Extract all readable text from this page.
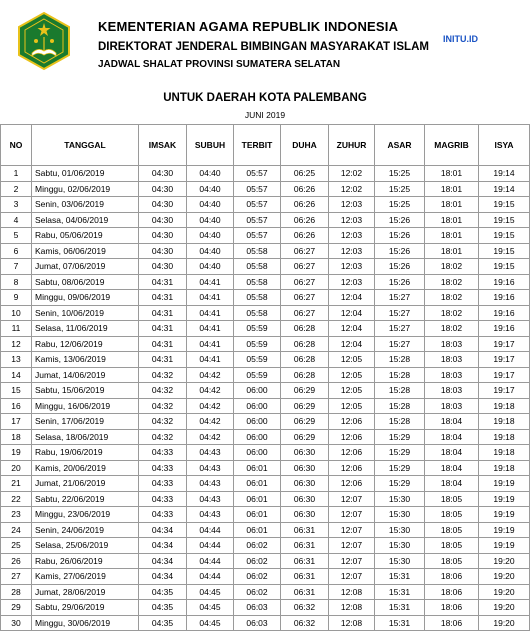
KEMENTERIAN AGAMA REPUBLIK INDONESIA
DIREKTORAT JENDERAL BIMBINGAN MASYARAKAT ISLAM
JADWAL SHALAT PROVINSI SUMATERA SELATAN
INITU.ID
UNTUK DAERAH KOTA PALEMBANG
JUNI 2019
NO	TANGGAL	IMSAK	SUBUH	TERBIT	DUHA	ZUHUR	ASAR	MAGRIB	ISYA
1	Sabtu, 01/06/2019	04:30	04:40	05:57	06:25	12:02	15:25	18:01	19:14
2	Minggu, 02/06/2019	04:30	04:40	05:57	06:26	12:02	15:25	18:01	19:14
3	Senin, 03/06/2019	04:30	04:40	05:57	06:26	12:03	15:25	18:01	19:15
4	Selasa, 04/06/2019	04:30	04:40	05:57	06:26	12:03	15:26	18:01	19:15
5	Rabu, 05/06/2019	04:30	04:40	05:57	06:26	12:03	15:26	18:01	19:15
6	Kamis, 06/06/2019	04:30	04:40	05:58	06:27	12:03	15:26	18:01	19:15
7	Jumat, 07/06/2019	04:30	04:40	05:58	06:27	12:03	15:26	18:02	19:15
8	Sabtu, 08/06/2019	04:31	04:41	05:58	06:27	12:03	15:26	18:02	19:16
9	Minggu, 09/06/2019	04:31	04:41	05:58	06:27	12:04	15:27	18:02	19:16
10	Senin, 10/06/2019	04:31	04:41	05:58	06:27	12:04	15:27	18:02	19:16
11	Selasa, 11/06/2019	04:31	04:41	05:59	06:28	12:04	15:27	18:02	19:16
12	Rabu, 12/06/2019	04:31	04:41	05:59	06:28	12:04	15:27	18:03	19:17
13	Kamis, 13/06/2019	04:31	04:41	05:59	06:28	12:05	15:28	18:03	19:17
14	Jumat, 14/06/2019	04:32	04:42	05:59	06:28	12:05	15:28	18:03	19:17
15	Sabtu, 15/06/2019	04:32	04:42	06:00	06:29	12:05	15:28	18:03	19:17
16	Minggu, 16/06/2019	04:32	04:42	06:00	06:29	12:05	15:28	18:03	19:18
17	Senin, 17/06/2019	04:32	04:42	06:00	06:29	12:06	15:28	18:04	19:18
18	Selasa, 18/06/2019	04:32	04:42	06:00	06:29	12:06	15:29	18:04	19:18
19	Rabu, 19/06/2019	04:33	04:43	06:00	06:30	12:06	15:29	18:04	19:18
20	Kamis, 20/06/2019	04:33	04:43	06:01	06:30	12:06	15:29	18:04	19:18
21	Jumat, 21/06/2019	04:33	04:43	06:01	06:30	12:06	15:29	18:04	19:19
22	Sabtu, 22/06/2019	04:33	04:43	06:01	06:30	12:07	15:30	18:05	19:19
23	Minggu, 23/06/2019	04:33	04:43	06:01	06:30	12:07	15:30	18:05	19:19
24	Senin, 24/06/2019	04:34	04:44	06:01	06:31	12:07	15:30	18:05	19:19
25	Selasa, 25/06/2019	04:34	04:44	06:02	06:31	12:07	15:30	18:05	19:19
26	Rabu, 26/06/2019	04:34	04:44	06:02	06:31	12:07	15:30	18:05	19:20
27	Kamis, 27/06/2019	04:34	04:44	06:02	06:31	12:07	15:31	18:06	19:20
28	Jumat, 28/06/2019	04:35	04:45	06:02	06:31	12:08	15:31	18:06	19:20
29	Sabtu, 29/06/2019	04:35	04:45	06:03	06:32	12:08	15:31	18:06	19:20
30	Minggu, 30/06/2019	04:35	04:45	06:03	06:32	12:08	15:31	18:06	19:20
